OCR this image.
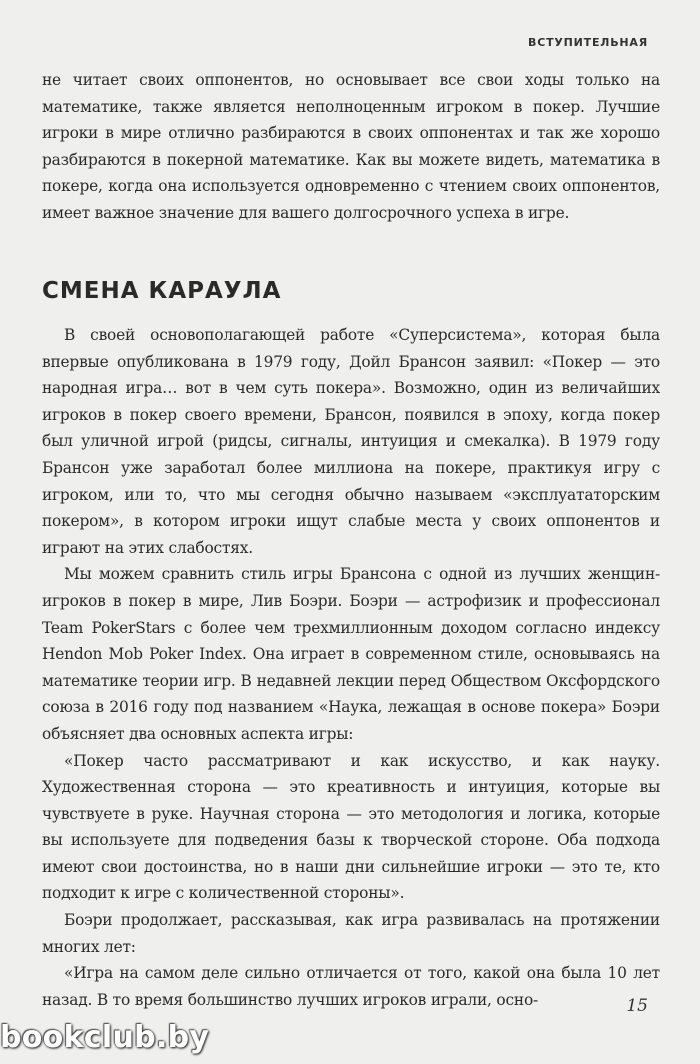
ВСТУПИТЕЛЬНАЯ

не читает своих оппонентов, но основывает все свои ходы только на математике, также является неполноценным игроком в покер. Лучшие игроки в мире отлично разбираются в своих оппонентах и так же хорошо разбираются в покерной математике. Как вы можете видеть, математика в покере, когда она используется одновременно с чтением своих оппонентов, имеет важное значение для вашего долгосрочного успеха в игре.

СМЕНА КАРАУЛА

В своей основополагающей работе «Суперсистема», которая была впервые опубликована в 1979 году, Дойл Брансон заявил: «Покер — это народная игра… вот в чем суть покера». Возможно, один из величайших игроков в покер своего времени, Брансон, появился в эпоху, когда покер был уличной игрой (ридсы, сигналы, интуиция и смекалка). В 1979 году Брансон уже заработал более миллиона на покере, практикуя игру с игроком, или то, что мы сегодня обычно называем «эксплуататорским покером», в котором игроки ищут слабые места у своих оппонентов и играют на этих слабостях.

Мы можем сравнить стиль игры Брансона с одной из лучших женщин-игроков в покер в мире, Лив Боэри. Боэри — астрофизик и профессионал Team PokerStars с более чем трехмиллионным доходом согласно индексу Hendon Mob Poker Index. Она играет в современном стиле, основываясь на математике теории игр. В недавней лекции перед Обществом Оксфордского союза в 2016 году под названием «Наука, лежащая в основе покера» Боэри объясняет два основных аспекта игры:

«Покер часто рассматривают и как искусство, и как науку. Художественная сторона — это креативность и интуиция, которые вы чувствуете в руке. Научная сторона — это методология и логика, которые вы используете для подведения базы к творческой стороне. Оба подхода имеют свои достоинства, но в наши дни сильнейшие игроки — это те, кто подходит к игре с количественной стороны».

Боэри продолжает, рассказывая, как игра развивалась на протяжении многих лет:

«Игра на самом деле сильно отличается от того, какой она была 10 лет назад. В то время большинство лучших игроков играли, осно-	15
bookclub.by
